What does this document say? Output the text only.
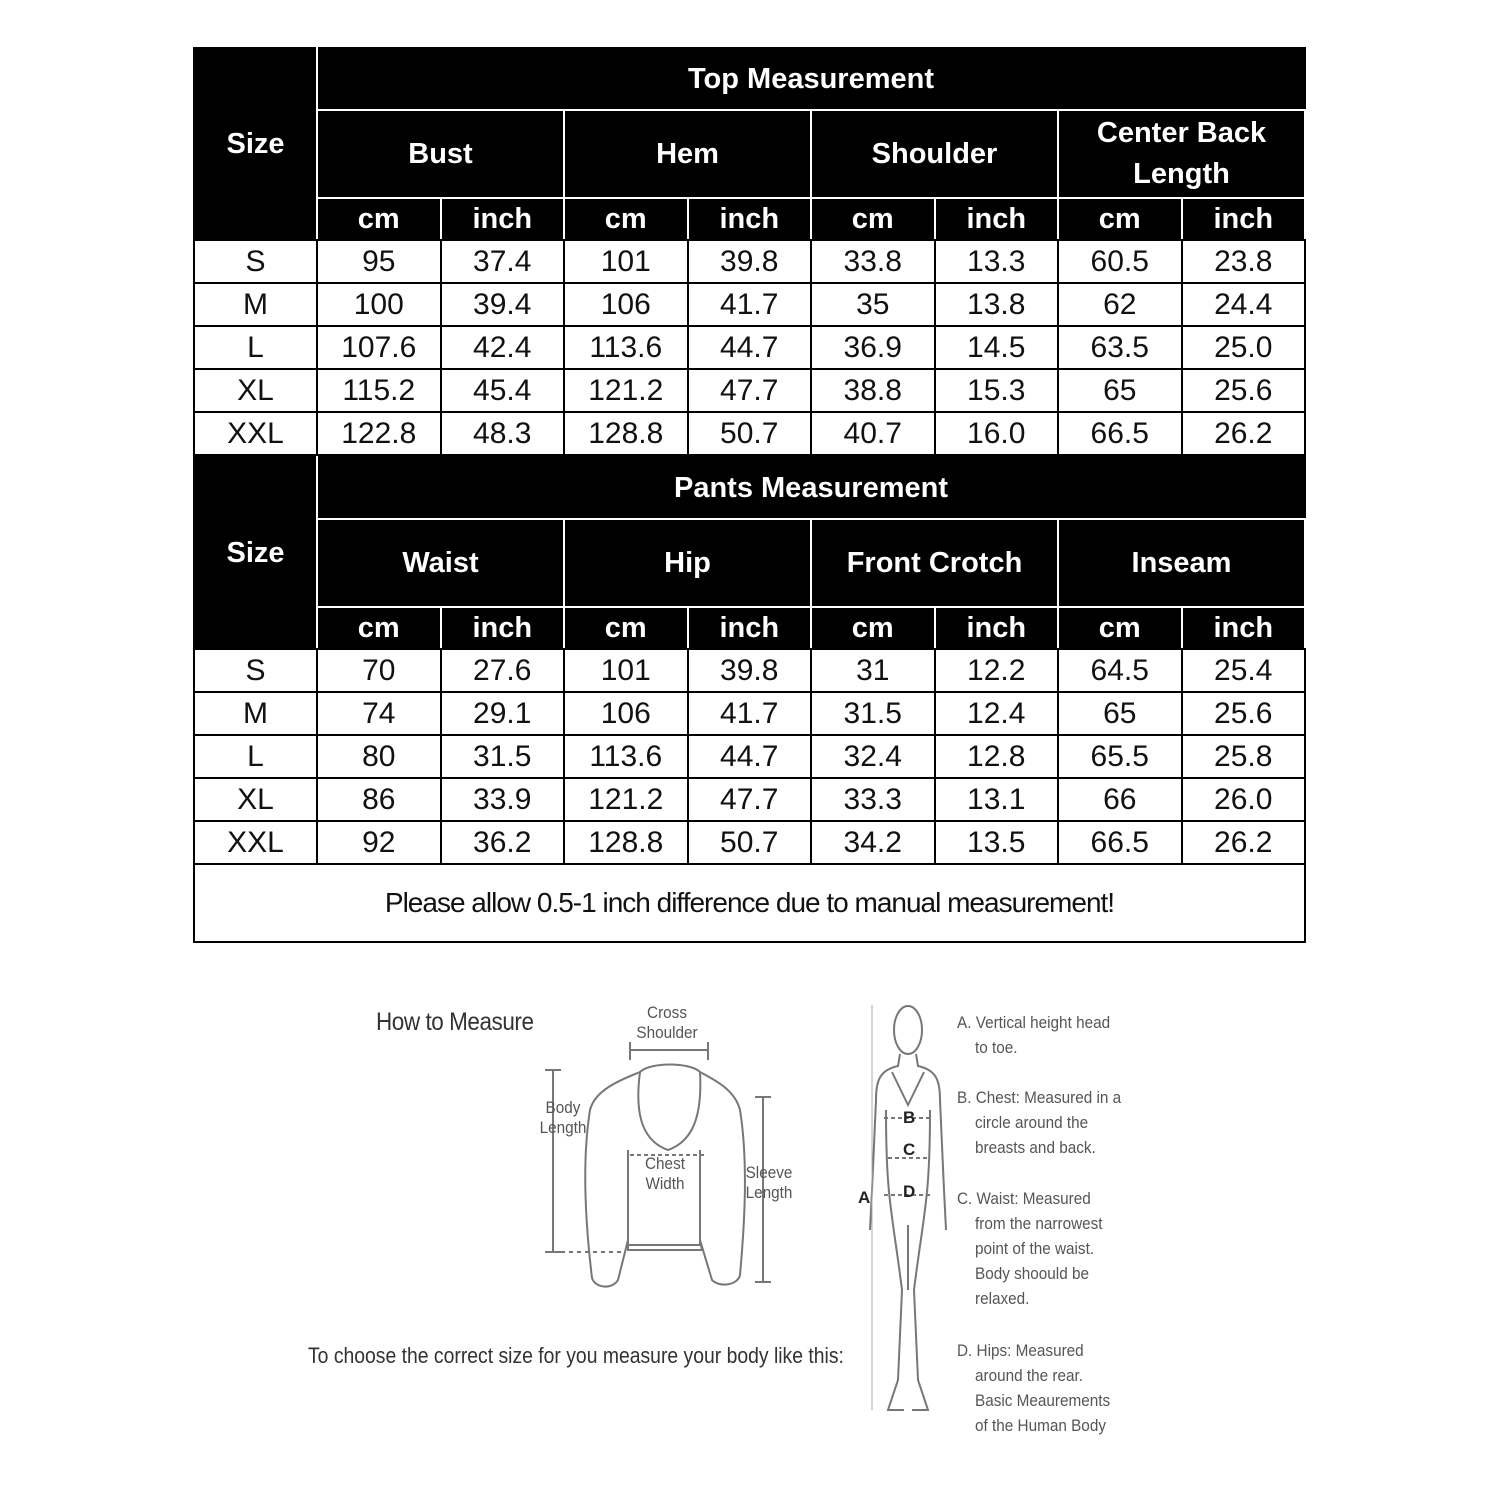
Size	Top Measurement							
	Bust		Hem		Shoulder		Center Back Length	
	cm	inch	cm	inch	cm	inch	cm	inch
S	95	37.4	101	39.8	33.8	13.3	60.5	23.8
M	100	39.4	106	41.7	35	13.8	62	24.4
L	107.6	42.4	113.6	44.7	36.9	14.5	63.5	25.0
XL	115.2	45.4	121.2	47.7	38.8	15.3	65	25.6
XXL	122.8	48.3	128.8	50.7	40.7	16.0	66.5	26.2
Size	Pants Measurement							
	Waist		Hip		Front Crotch		Inseam	
	cm	inch	cm	inch	cm	inch	cm	inch
S	70	27.6	101	39.8	31	12.2	64.5	25.4
M	74	29.1	106	41.7	31.5	12.4	65	25.6
L	80	31.5	113.6	44.7	32.4	12.8	65.5	25.8
XL	86	33.9	121.2	47.7	33.3	13.1	66	26.0
XXL	92	36.2	128.8	50.7	34.2	13.5	66.5	26.2
Please allow 0.5-1 inch difference due to manual measurement!								
How to Measure	Cross
Shoulder
Body
Length
Chest
Width
Sleeve
Length	A
B
C
D
A. Vertical height head
to toe.
B. Chest: Measured in a
circle around the
breasts and back.
C. Waist: Measured
from the narrowest
point of the waist.
Body shoould be
relaxed.
D. Hips: Measured
around the rear.
Basic Meaurements
of the Human Body
To choose the correct size for you measure your body like this:
